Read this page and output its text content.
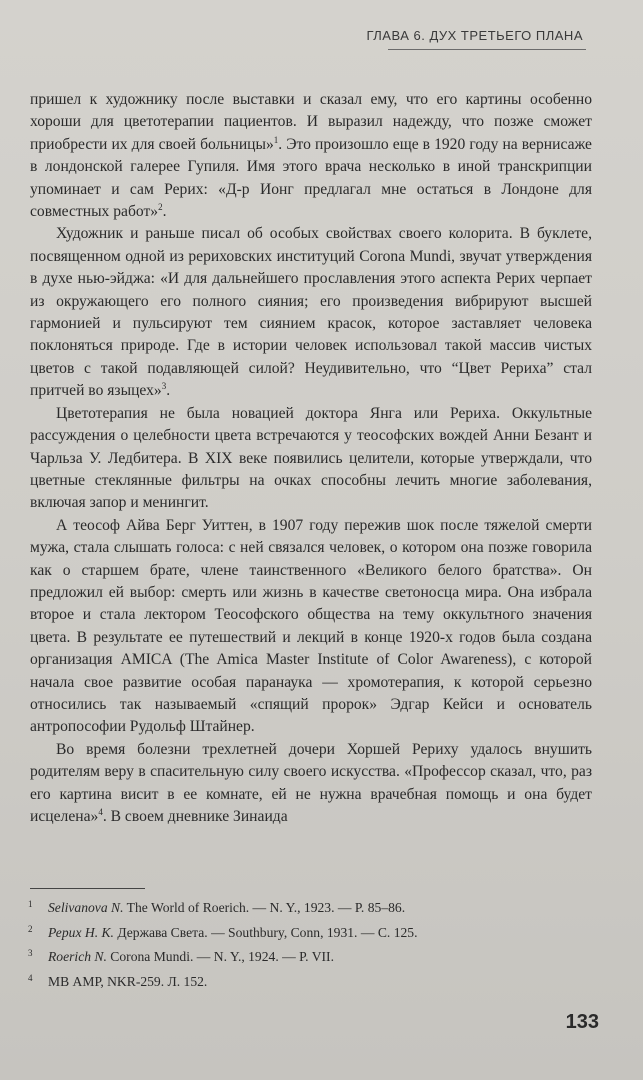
ГЛАВА 6. ДУХ ТРЕТЬЕГО ПЛАНА

пришел к художнику после выставки и сказал ему, что его картины особенно хороши для цветотерапии пациентов. И выразил надежду, что позже сможет приобрести их для своей больницы»$^1$. Это произошло еще в 1920 году на вернисаже в лондонской галерее Гупиля. Имя этого врача несколько в иной транскрипции упоминает и сам Рерих: «Д-р Ионг предлагал мне остаться в Лондоне для совместных работ»$^2$.

Художник и раньше писал об особых свойствах своего колорита. В буклете, посвященном одной из рериховских институций Corona Mundi, звучат утверждения в духе нью-эйджа: «И для дальнейшего прославления этого аспекта Рерих черпает из окружающего его полного сияния; его произведения вибрируют высшей гармонией и пульсируют тем сиянием красок, которое заставляет человека поклоняться природе. Где в истории человек использовал такой массив чистых цветов с такой подавляющей силой? Неудивительно, что “Цвет Рериха” стал притчей во языцех»$^3$.

Цветотерапия не была новацией доктора Янга или Рериха. Оккультные рассуждения о целебности цвета встречаются у теософских вождей Анни Безант и Чарльза У. Ледбитера. В XIX веке появились целители, которые утверждали, что цветные стеклянные фильтры на очках способны лечить многие заболевания, включая запор и менингит.

А теософ Айва Берг Уиттен, в 1907 году пережив шок после тяжелой смерти мужа, стала слышать голоса: с ней связался человек, о котором она позже говорила как о старшем брате, члене таинственного «Великого белого братства». Он предложил ей выбор: смерть или жизнь в качестве светоносца мира. Она избрала второе и стала лектором Теософского общества на тему оккультного значения цвета. В результате ее путешествий и лекций в конце 1920-х годов была создана организация AMICA (The Amica Master Institute of Color Awareness), с которой начала свое развитие особая паранаука — хромотерапия, к которой серьезно относились так называемый «спящий пророк» Эдгар Кейси и основатель антропософии Рудольф Штайнер.

Во время болезни трехлетней дочери Хоршей Рериху удалось внушить родителям веру в спасительную силу своего искусства. «Профессор сказал, что, раз его картина висит в ее комнате, ей не нужна врачебная помощь и она будет исцелена»$^4$. В своем дневнике Зинаида

1	Selivanova N. The World of Roerich. — N. Y., 1923. — P. 85–86.
2	Рерих Н. К. Держава Света. — Southbury, Conn, 1931. — С. 125.
3	Roerich N. Corona Mundi. — N. Y., 1924. — P. VII.
4	МВ АМР, NKR-259. Л. 152.
133
